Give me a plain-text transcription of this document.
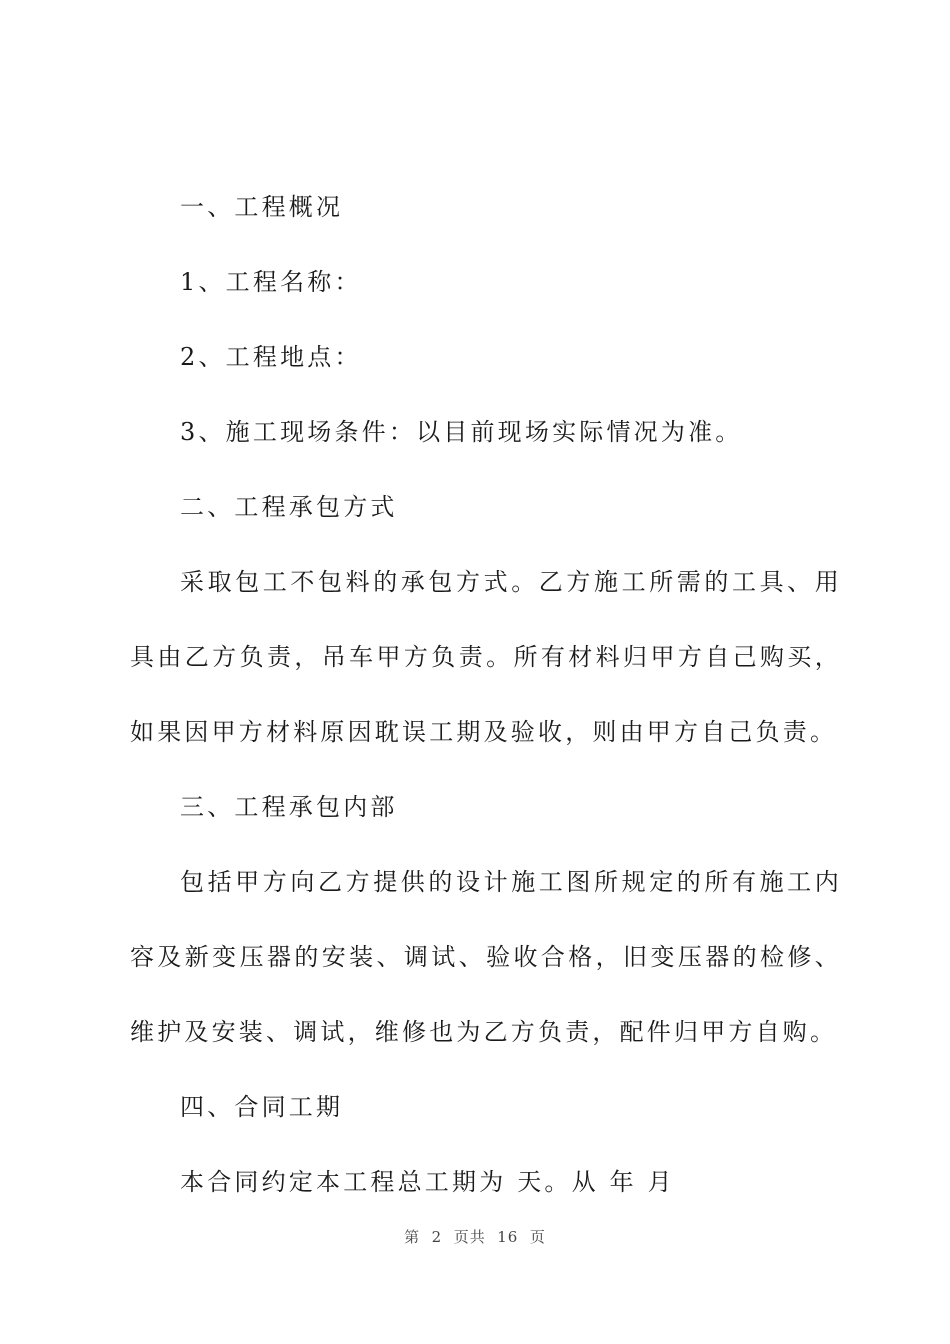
一、工程概况

1、工程名称：

2、工程地点：

3、施工现场条件：以目前现场实际情况为准。

二、工程承包方式

采取包工不包料的承包方式。乙方施工所需的工具、用具由乙方负责，吊车甲方负责。所有材料归甲方自己购买，如果因甲方材料原因耽误工期及验收，则由甲方自己负责。

三、工程承包内部

包括甲方向乙方提供的设计施工图所规定的所有施工内容及新变压器的安装、调试、验收合格，旧变压器的检修、维护及安装、调试，维修也为乙方负责，配件归甲方自购。

四、合同工期

本合同约定本工程总工期为 天。从 年 月

第  2  页共  16  页
